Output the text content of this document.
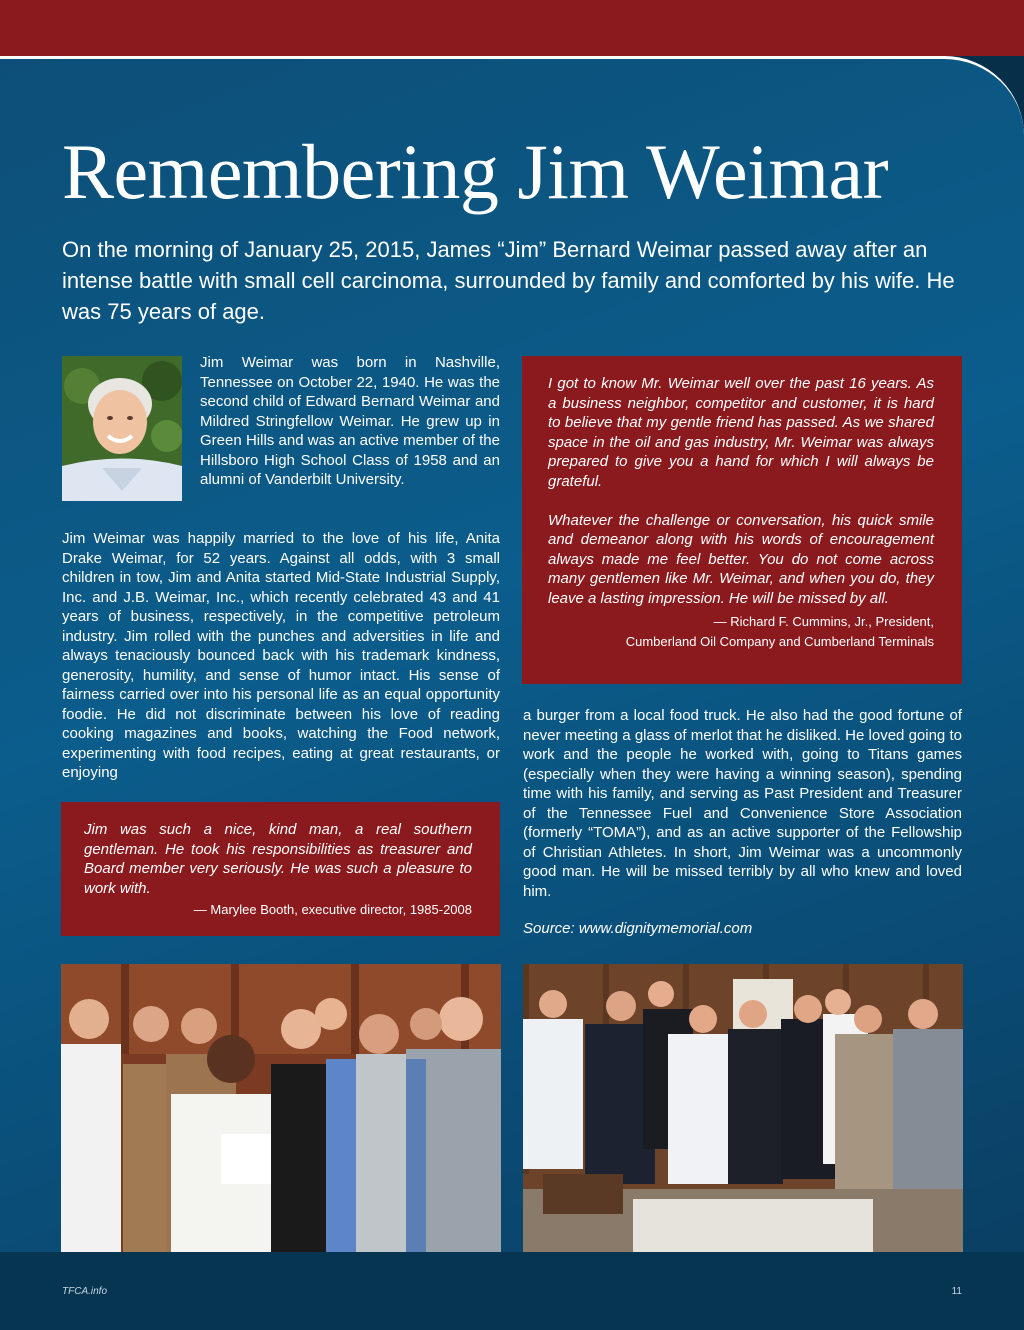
Remembering Jim Weimar

On the morning of January 25, 2015, James “Jim” Bernard Weimar passed away after an intense battle with small cell carcinoma, surrounded by family and comforted by his wife. He was 75 years of age.

Jim Weimar was born in Nashville, Tennessee on October 22, 1940. He was the second child of Edward Bernard Weimar and Mildred Stringfellow Weimar. He grew up in Green Hills and was an active member of the Hillsboro High School Class of 1958 and an alumni of Vanderbilt University.

Jim Weimar was happily married to the love of his life, Anita Drake Weimar, for 52 years. Against all odds, with 3 small children in tow, Jim and Anita started Mid-State Industrial Supply, Inc. and J.B. Weimar, Inc., which recently celebrated 43 and 41 years of business, respectively, in the competitive petroleum industry. Jim rolled with the punches and adversities in life and always tenaciously bounced back with his trademark kindness, generosity, humility, and sense of humor intact. His sense of fairness carried over into his personal life as an equal opportunity foodie. He did not discriminate between his love of reading cooking magazines and books, watching the Food network, experimenting with food recipes, eating at great restaurants, or enjoying

a burger from a local food truck. He also had the good fortune of never meeting a glass of merlot that he disliked. He loved going to work and the people he worked with, going to Titans games (especially when they were having a winning season), spending time with his family, and serving as Past President and Treasurer of the Tennessee Fuel and Convenience Store Association (formerly “TOMA”), and as an active supporter of the Fellowship of Christian Athletes. In short, Jim Weimar was a uncommonly good man. He will be missed terribly by all who knew and loved him.

Source: www.dignitymemorial.com

I got to know Mr. Weimar well over the past 16 years. As a business neighbor, competitor and customer, it is hard to believe that my gentle friend has passed. As we shared space in the oil and gas industry, Mr. Weimar was always prepared to give you a hand for which I will always be grateful.

Whatever the challenge or conversation, his quick smile and demeanor along with his words of encouragement always made me feel better. You do not come across many gentlemen like Mr. Weimar, and when you do, they leave a lasting impression. He will be missed by all.

— Richard F. Cummins, Jr., President,
Cumberland Oil Company and Cumberland Terminals

Jim was such a nice, kind man, a real southern gentleman. He took his responsibilities as treasurer and Board member very seriously. He was such a pleasure to work with.

— Marylee Booth, executive director, 1985-2008

TFCA.info	11
